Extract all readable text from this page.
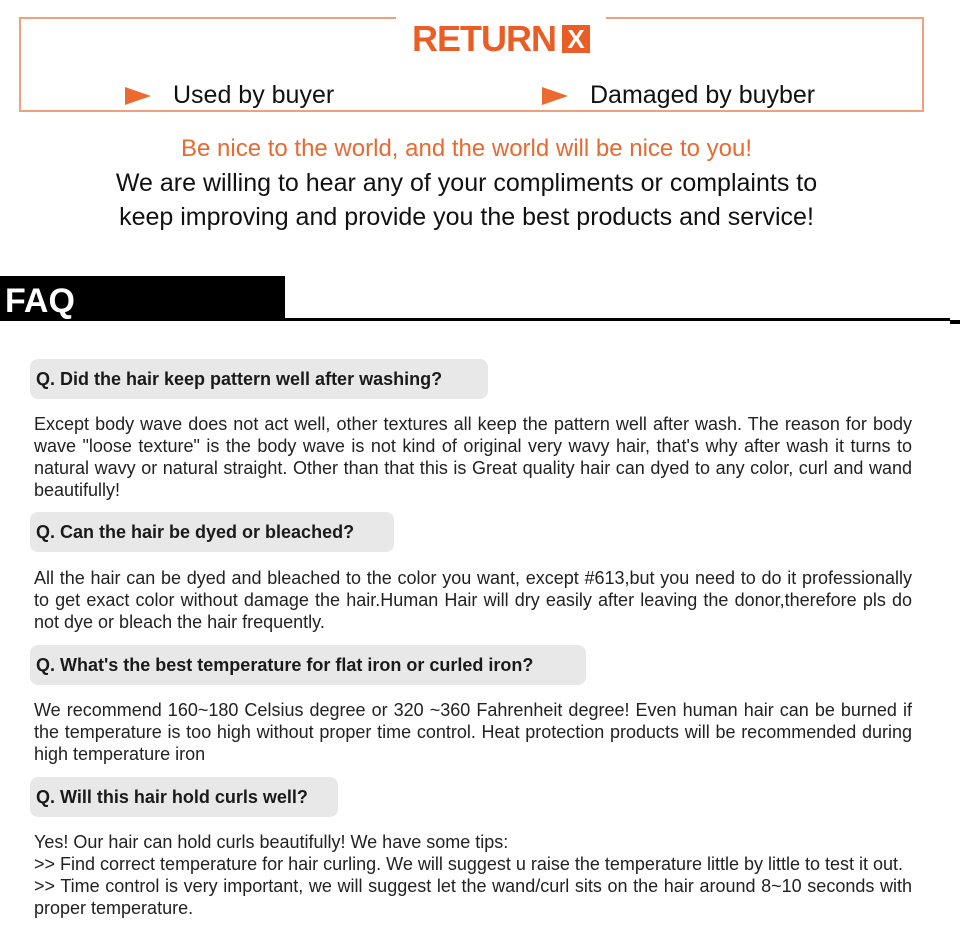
RETURN X
Used by buyer	Damaged by buyber
Be nice to the world, and the world will be nice to you!
We are willing to hear any of your compliments or complaints to
keep improving and provide you the best products and service!
FAQ
Q. Did the hair keep pattern well after washing?
Except body wave does not act well, other textures all keep the pattern well after wash. The reason for body wave "loose texture" is the body wave is not kind of original very wavy hair, that's why after wash it turns to natural wavy or natural straight. Other than that this is Great quality hair can dyed to any color, curl and wand beautifully!
Q. Can the hair be dyed or bleached?
All the hair can be dyed and bleached to the color you want, except #613,but you need to do it professionally to get exact color without damage the hair.Human Hair will dry easily after leaving the donor,therefore pls do not dye or bleach the hair frequently.
Q. What's the best temperature for flat iron or curled iron?
We recommend 160~180 Celsius degree or 320 ~360 Fahrenheit degree! Even human hair can be burned if the temperature is too high without proper time control. Heat protection products will be recommended during high temperature iron
Q. Will this hair hold curls well?
Yes! Our hair can hold curls beautifully! We have some tips:
>> Find correct temperature for hair curling. We will suggest u raise the temperature little by little to test it out.
>> Time control is very important, we will suggest let the wand/curl sits on the hair around 8~10 seconds with proper temperature.
